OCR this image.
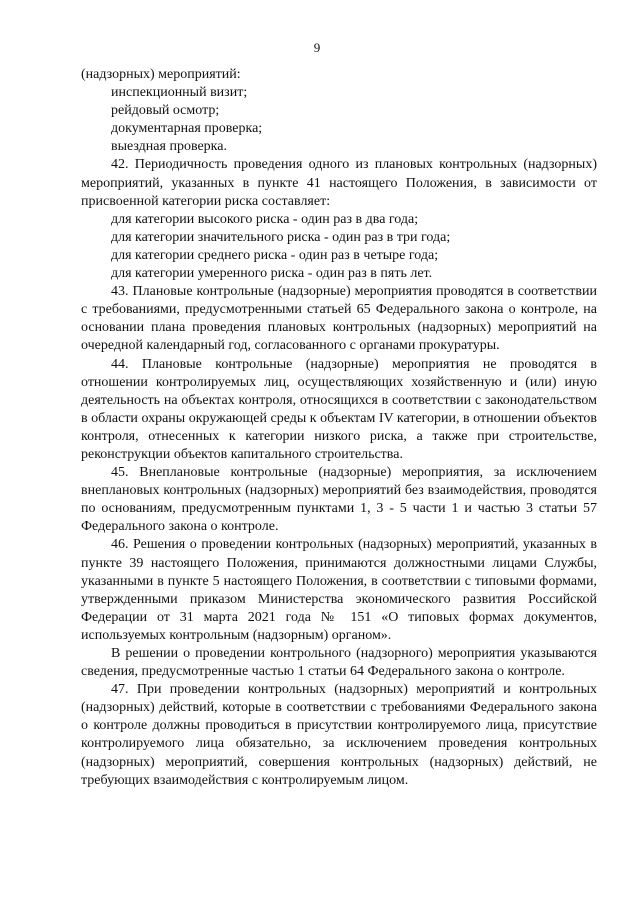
9

(надзорных) мероприятий:

инспекционный визит;

рейдовый осмотр;

документарная проверка;

выездная проверка.

42. Периодичность проведения одного из плановых контрольных (надзорных) мероприятий, указанных в пункте 41 настоящего Положения, в зависимости от присвоенной категории риска составляет:

для категории высокого риска - один раз в два года;

для категории значительного риска - один раз в три года;

для категории среднего риска - один раз в четыре года;

для категории умеренного риска - один раз в пять лет.

43. Плановые контрольные (надзорные) мероприятия проводятся в соответствии с требованиями, предусмотренными статьей 65 Федерального закона о контроле, на основании плана проведения плановых контрольных (надзорных) мероприятий на очередной календарный год, согласованного с органами прокуратуры.

44. Плановые контрольные (надзорные) мероприятия не проводятся в отношении контролируемых лиц, осуществляющих хозяйственную и (или) иную деятельность на объектах контроля, относящихся в соответствии с законодательством в области охраны окружающей среды к объектам IV категории, в отношении объектов контроля, отнесенных к категории низкого риска, а также при строительстве, реконструкции объектов капитального строительства.

45. Внеплановые контрольные (надзорные) мероприятия, за исключением внеплановых контрольных (надзорных) мероприятий без взаимодействия, проводятся по основаниям, предусмотренным пунктами 1, 3 - 5 части 1 и частью 3 статьи 57 Федерального закона о контроле.

46. Решения о проведении контрольных (надзорных) мероприятий, указанных в пункте 39 настоящего Положения, принимаются должностными лицами Службы, указанными в пункте 5 настоящего Положения, в соответствии с типовыми формами, утвержденными приказом Министерства экономического развития Российской Федерации от 31 марта 2021 года № 151 «О типовых формах документов, используемых контрольным (надзорным) органом».

В решении о проведении контрольного (надзорного) мероприятия указываются сведения, предусмотренные частью 1 статьи 64 Федерального закона о контроле.

47. При проведении контрольных (надзорных) мероприятий и контрольных (надзорных) действий, которые в соответствии с требованиями Федерального закона о контроле должны проводиться в присутствии контролируемого лица, присутствие контролируемого лица обязательно, за исключением проведения контрольных (надзорных) мероприятий, совершения контрольных (надзорных) действий, не требующих взаимодействия с контролируемым лицом.
